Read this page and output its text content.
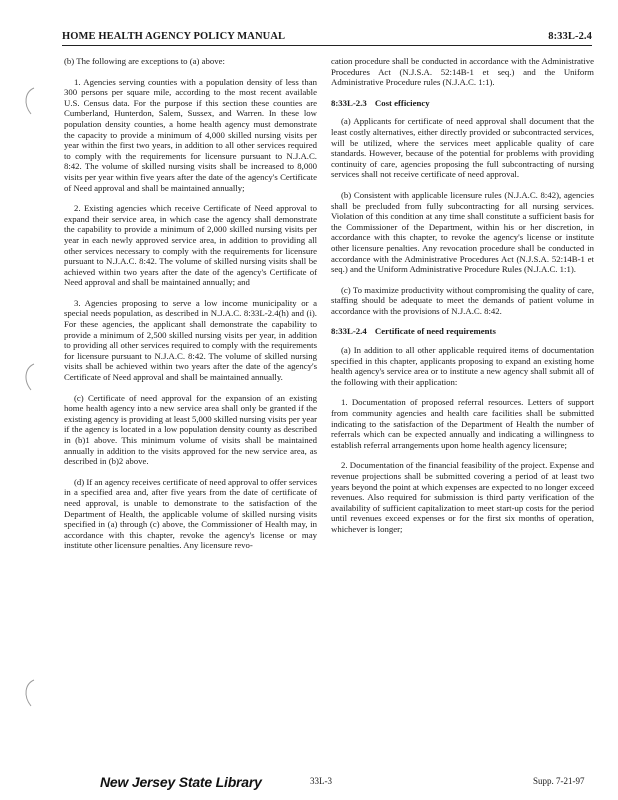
HOME HEALTH AGENCY POLICY MANUAL	8:33L-2.4

(b) The following are exceptions to (a) above:

1. Agencies serving counties with a population density of less than 300 persons per square mile, according to the most recent available U.S. Census data. For the purpose if this section these counties are Cumberland, Hunterdon, Salem, Sussex, and Warren. In these low population density counties, a home health agency must demonstrate the capacity to provide a minimum of 4,000 skilled nursing visits per year within the first two years, in addition to all other services required to comply with the requirements for licensure pursuant to N.J.A.C. 8:42. The volume of skilled nursing visits shall be increased to 8,000 visits per year within five years after the date of the agency's Certificate of Need approval and shall be maintained annually;

2. Existing agencies which receive Certificate of Need approval to expand their service area, in which case the agency shall demonstrate the capability to provide a minimum of 2,000 skilled nursing visits per year in each newly approved service area, in addition to providing all other services necessary to comply with the requirements for licensure pursuant to N.J.A.C. 8:42. The volume of skilled nursing visits shall be achieved within two years after the date of the agency's Certificate of Need approval and shall be maintained annually; and

3. Agencies proposing to serve a low income municipality or a special needs population, as described in N.J.A.C. 8:33L-2.4(h) and (i). For these agencies, the applicant shall demonstrate the capability to provide a minimum of 2,500 skilled nursing visits per year, in addition to providing all other services required to comply with the requirements for licensure pursuant to N.J.A.C. 8:42. The volume of skilled nursing visits shall be achieved within two years after the date of the agency's Certificate of Need approval and shall be maintained annually.

(c) Certificate of need approval for the expansion of an existing home health agency into a new service area shall only be granted if the existing agency is providing at least 5,000 skilled nursing visits per year if the agency is located in a low population density county as described in (b)1 above. This minimum volume of visits shall be maintained annually in addition to the visits approved for the new service area, as described in (b)2 above.

(d) If an agency receives certificate of need approval to offer services in a specified area and, after five years from the date of certificate of need approval, is unable to demonstrate to the satisfaction of the Department of Health, the applicable volume of skilled nursing visits specified in (a) through (c) above, the Commissioner of Health may, in accordance with this chapter, revoke the agency's license or may institute other licensure penalties. Any licensure revo-

cation procedure shall be conducted in accordance with the Administrative Procedures Act (N.J.S.A. 52:14B-1 et seq.) and the Uniform Administrative Procedure rules (N.J.A.C. 1:1).

8:33L-2.3 Cost efficiency

(a) Applicants for certificate of need approval shall document that the least costly alternatives, either directly provided or subcontracted services, will be utilized, where the services meet applicable quality of care standards. However, because of the potential for problems with providing continuity of care, agencies proposing the full subcontracting of nursing services shall not receive certificate of need approval.

(b) Consistent with applicable licensure rules (N.J.A.C. 8:42), agencies shall be precluded from fully subcontracting for all nursing services. Violation of this condition at any time shall constitute a sufficient basis for the Commissioner of the Department, within his or her discretion, in accordance with this chapter, to revoke the agency's license or institute other licensure penalties. Any revocation procedure shall be conducted in accordance with the Administrative Procedures Act (N.J.S.A. 52:14B-1 et seq.) and the Uniform Administrative Procedure Rules (N.J.A.C. 1:1).

(c) To maximize productivity without compromising the quality of care, staffing should be adequate to meet the demands of patient volume in accordance with the provisions of N.J.A.C. 8:42.

8:33L-2.4 Certificate of need requirements

(a) In addition to all other applicable required items of documentation specified in this chapter, applicants proposing to expand an existing home health agency's service area or to institute a new agency shall submit all of the following with their application:

1. Documentation of proposed referral resources. Letters of support from community agencies and health care facilities shall be submitted indicating to the satisfaction of the Department of Health the number of referrals which can be expected annually and indicating a willingness to establish referral arrangements upon home health agency licensure;

2. Documentation of the financial feasibility of the project. Expense and revenue projections shall be submitted covering a period of at least two years beyond the point at which expenses are expected to no longer exceed revenues. Also required for submission is third party verification of the availability of sufficient capitalization to meet start-up costs for the period until revenues exceed expenses or for the first six months of operation, whichever is longer;

New Jersey State Library	33L-3	Supp. 7-21-97
